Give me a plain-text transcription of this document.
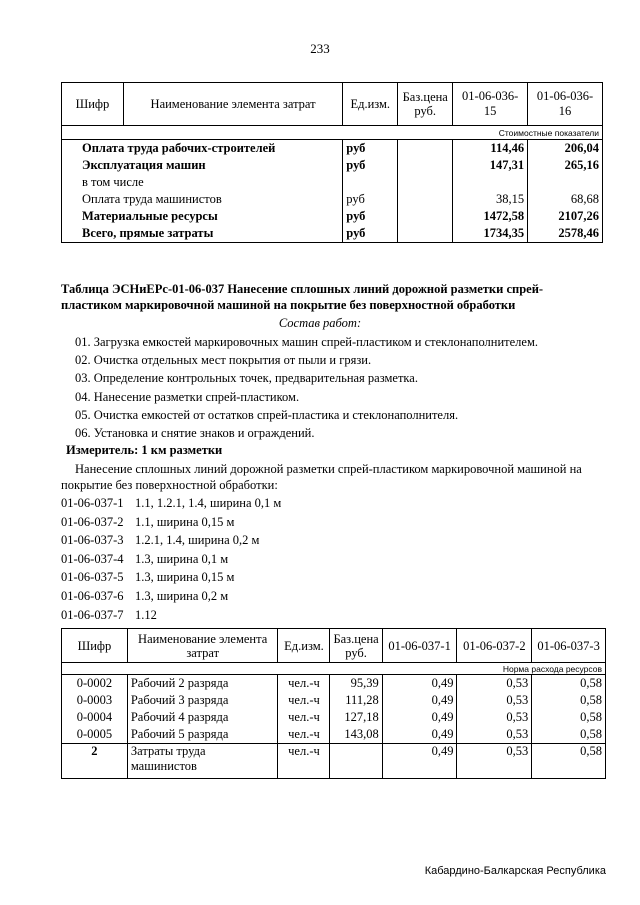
233
Шифр	Наименование элемента затрат	Ед.изм.	Баз.цена руб.	01-06-036-15	01-06-036-16
				Стоимостные показатели	
Оплата труда рабочих-строителей		руб		114,46	206,04
Эксплуатация машин		руб		147,31	265,16
в том числе					
Оплата труда машинистов		руб		38,15	68,68
Материальные ресурсы		руб		1472,58	2107,26
Всего, прямые затраты		руб		1734,35	2578,46
Таблица ЭСНиЕРс-01-06-037 Нанесение сплошных линий дорожной разметки спрей-
пластиком маркировочной машиной на покрытие без поверхностной обработки
Состав работ:
01. Загрузка емкостей маркировочных машин спрей-пластиком и стеклонаполнителем.
02. Очистка отдельных мест покрытия от пыли и грязи.
03. Определение контрольных точек, предварительная разметка.
04. Нанесение разметки спрей-пластиком.
05. Очистка емкостей от остатков спрей-пластика и стеклонаполнителя.
06. Установка и снятие знаков и ограждений.
Измеритель: 1 км разметки
Нанесение сплошных линий дорожной разметки спрей-пластиком маркировочной машиной на
покрытие без поверхностной обработки:
01-06-037-1 1.1, 1.2.1, 1.4, ширина 0,1 м
01-06-037-2 1.1, ширина 0,15 м
01-06-037-3 1.2.1, 1.4, ширина 0,2 м
01-06-037-4 1.3, ширина 0,1 м
01-06-037-5 1.3, ширина 0,15 м
01-06-037-6 1.3, ширина 0,2 м
01-06-037-7 1.12
Шифр	Наименование элемента затрат	Ед.изм.	Баз.цена руб.	01-06-037-1	01-06-037-2	01-06-037-3
					Норма расхода ресурсов	
0-0002	Рабочий 2 разряда	чел.-ч	95,39	0,49	0,53	0,58
0-0003	Рабочий 3 разряда	чел.-ч	111,28	0,49	0,53	0,58
0-0004	Рабочий 4 разряда	чел.-ч	127,18	0,49	0,53	0,58
0-0005	Рабочий 5 разряда	чел.-ч	143,08	0,49	0,53	0,58
2	Затраты труда машинистов	чел.-ч		0,49	0,53	0,58
Кабардино-Балкарская Республика
